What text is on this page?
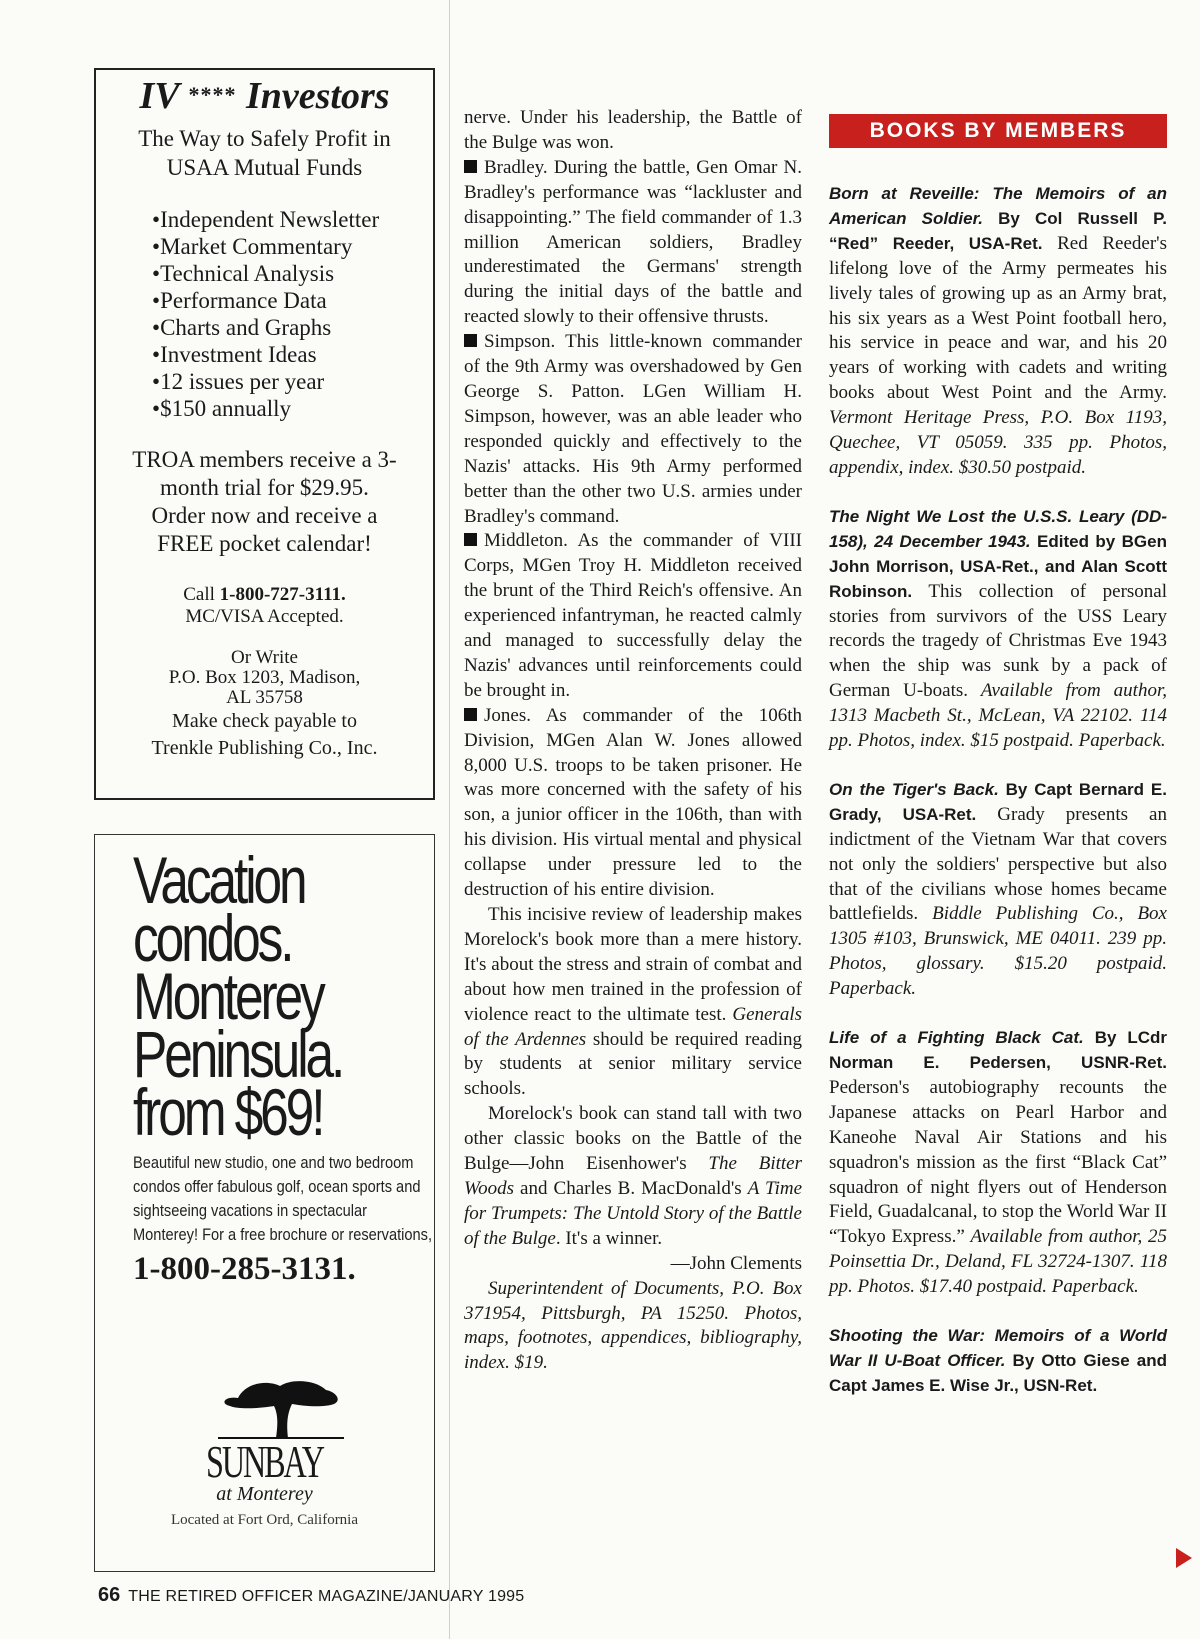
IV **** Investors
The Way to Safely Profit in USAA Mutual Funds
• Independent Newsletter
• Market Commentary
• Technical Analysis
• Performance Data
• Charts and Graphs
• Investment Ideas
• 12 issues per year
• $150 annually
TROA members receive a 3-month trial for $29.95.
Order now and receive a FREE pocket calendar!
Call 1-800-727-3111.
MC/VISA Accepted.
Or Write
P.O. Box 1203, Madison,
AL 35758
Make check payable to
Trenkle Publishing Co., Inc.
Vacation
condos.
Monterey
Peninsula.
from $69!
Beautiful new studio, one and two bedroom condos offer fabulous golf, ocean sports and sightseeing vacations in spectacular Monterey! For a free brochure or reservations,
1-800-285-3131.
SUNBAY
at Monterey
Located at Fort Ord, California
66 THE RETIRED OFFICER MAGAZINE/JANUARY 1995

nerve. Under his leadership, the Battle of the Bulge was won.

Bradley. During the battle, Gen Omar N. Bradley's performance was “lackluster and disappointing.” The field commander of 1.3 million American soldiers, Bradley underestimated the Germans' strength during the initial days of the battle and reacted slowly to their offensive thrusts.

Simpson. This little-known commander of the 9th Army was overshadowed by Gen George S. Patton. LGen William H. Simpson, however, was an able leader who responded quickly and effectively to the Nazis' attacks. His 9th Army performed better than the other two U.S. armies under Bradley's command.

Middleton. As the commander of VIII Corps, MGen Troy H. Middleton received the brunt of the Third Reich's offensive. An experienced infantryman, he reacted calmly and managed to successfully delay the Nazis' advances until reinforcements could be brought in.

Jones. As commander of the 106th Division, MGen Alan W. Jones allowed 8,000 U.S. troops to be taken prisoner. He was more concerned with the safety of his son, a junior officer in the 106th, than with his division. His virtual mental and physical collapse under pressure led to the destruction of his entire division.

This incisive review of leadership makes Morelock's book more than a mere history. It's about the stress and strain of combat and about how men trained in the profession of violence react to the ultimate test. Generals of the Ardennes should be required reading by students at senior military service schools.

Morelock's book can stand tall with two other classic books on the Battle of the Bulge—John Eisenhower's The Bitter Woods and Charles B. MacDonald's A Time for Trumpets: The Untold Story of the Battle of the Bulge. It's a winner.

—John Clements

Superintendent of Documents, P.O. Box 371954, Pittsburgh, PA 15250. Photos, maps, footnotes, appendices, bibliography, index. $19.

BOOKS BY MEMBERS
Born at Reveille: The Memoirs of an American Soldier. By Col Russell P. “Red” Reeder, USA-Ret. Red Reeder's lifelong love of the Army permeates his lively tales of growing up as an Army brat, his six years as a West Point football hero, his service in peace and war, and his 20 years of working with cadets and writing books about West Point and the Army. Vermont Heritage Press, P.O. Box 1193, Quechee, VT 05059. 335 pp. Photos, appendix, index. $30.50 postpaid.
The Night We Lost the U.S.S. Leary (DD-158), 24 December 1943. Edited by BGen John Morrison, USA-Ret., and Alan Scott Robinson. This collection of personal stories from survivors of the USS Leary records the tragedy of Christmas Eve 1943 when the ship was sunk by a pack of German U-boats. Available from author, 1313 Macbeth St., McLean, VA 22102. 114 pp. Photos, index. $15 postpaid. Paperback.
On the Tiger's Back. By Capt Bernard E. Grady, USA-Ret. Grady presents an indictment of the Vietnam War that covers not only the soldiers' perspective but also that of the civilians whose homes became battlefields. Biddle Publishing Co., Box 1305 #103, Brunswick, ME 04011. 239 pp. Photos, glossary. $15.20 postpaid. Paperback.
Life of a Fighting Black Cat. By LCdr Norman E. Pedersen, USNR-Ret. Pederson's autobiography recounts the Japanese attacks on Pearl Harbor and Kaneohe Naval Air Stations and his squadron's mission as the first “Black Cat” squadron of night flyers out of Henderson Field, Guadalcanal, to stop the World War II “Tokyo Express.” Available from author, 25 Poinsettia Dr., Deland, FL 32724-1307. 118 pp. Photos. $17.40 postpaid. Paperback.
Shooting the War: Memoirs of a World War II U-Boat Officer. By Otto Giese and Capt James E. Wise Jr., USN-Ret.
